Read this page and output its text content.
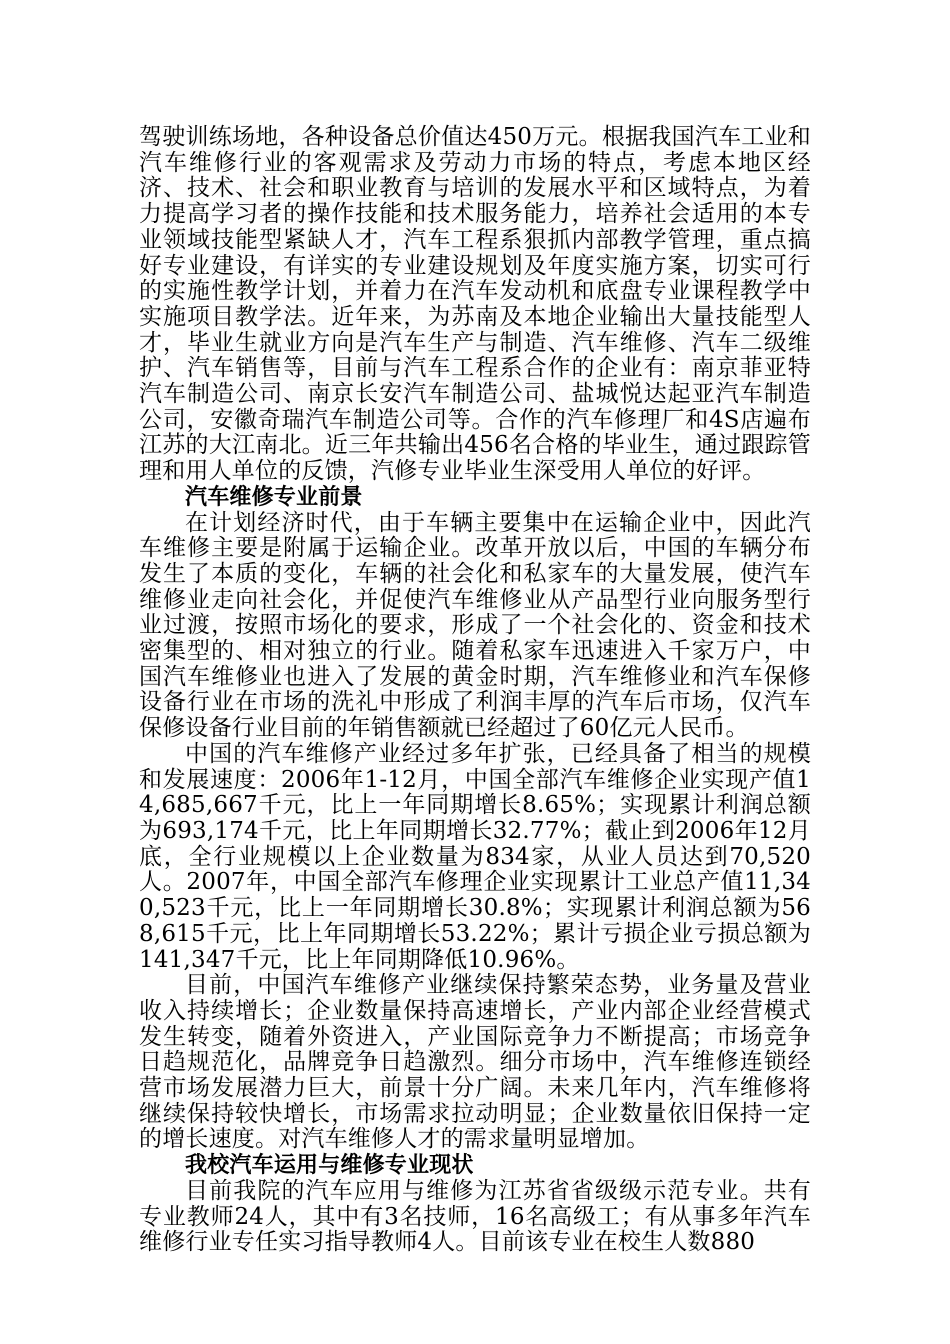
驾驶训练场地，各种设备总价值达450万元。根据我国汽车工业和汽车维修行业的客观需求及劳动力市场的特点，考虑本地区经济、技术、社会和职业教育与培训的发展水平和区域特点，为着力提高学习者的操作技能和技术服务能力，培养社会适用的本专业领域技能型紧缺人才，汽车工程系狠抓内部教学管理，重点搞好专业建设，有详实的专业建设规划及年度实施方案，切实可行的实施性教学计划，并着力在汽车发动机和底盘专业课程教学中实施项目教学法。近年来，为苏南及本地企业输出大量技能型人才，毕业生就业方向是汽车生产与制造、汽车维修、汽车二级维护、汽车销售等，目前与汽车工程系合作的企业有：南京菲亚特汽车制造公司、南京长安汽车制造公司、盐城悦达起亚汽车制造公司，安徽奇瑞汽车制造公司等。合作的汽车修理厂和4S店遍布江苏的大江南北。近三年共输出456名合格的毕业生，通过跟踪管理和用人单位的反馈，汽修专业毕业生深受用人单位的好评。

汽车维修专业前景

在计划经济时代，由于车辆主要集中在运输企业中，因此汽车维修主要是附属于运输企业。改革开放以后，中国的车辆分布发生了本质的变化，车辆的社会化和私家车的大量发展，使汽车维修业走向社会化，并促使汽车维修业从产品型行业向服务型行业过渡，按照市场化的要求，形成了一个社会化的、资金和技术密集型的、相对独立的行业。随着私家车迅速进入千家万户，中国汽车维修业也进入了发展的黄金时期，汽车维修业和汽车保修设备行业在市场的洗礼中形成了利润丰厚的汽车后市场，仅汽车保修设备行业目前的年销售额就已经超过了60亿元人民币。

中国的汽车维修产业经过多年扩张，已经具备了相当的规模和发展速度：2006年1-12月，中国全部汽车维修企业实现产值14,685,667千元，比上一年同期增长8.65%；实现累计利润总额为693,174千元，比上年同期增长32.77%；截止到2006年12月底，全行业规模以上企业数量为834家，从业人员达到70,520人。2007年，中国全部汽车修理企业实现累计工业总产值11,340,523千元，比上一年同期增长30.8%；实现累计利润总额为568,615千元，比上年同期增长53.22%；累计亏损企业亏损总额为141,347千元，比上年同期降低10.96%。

目前，中国汽车维修产业继续保持繁荣态势，业务量及营业收入持续增长；企业数量保持高速增长，产业内部企业经营模式发生转变，随着外资进入，产业国际竞争力不断提高；市场竞争日趋规范化，品牌竞争日趋激烈。细分市场中，汽车维修连锁经营市场发展潜力巨大，前景十分广阔。未来几年内，汽车维修将继续保持较快增长，市场需求拉动明显；企业数量依旧保持一定的增长速度。对汽车维修人才的需求量明显增加。

我校汽车运用与维修专业现状

目前我院的汽车应用与维修为江苏省省级级示范专业。共有专业教师24人，其中有3名技师，16名高级工；有从事多年汽车维修行业专任实习指导教师4人。目前该专业在校生人数880
